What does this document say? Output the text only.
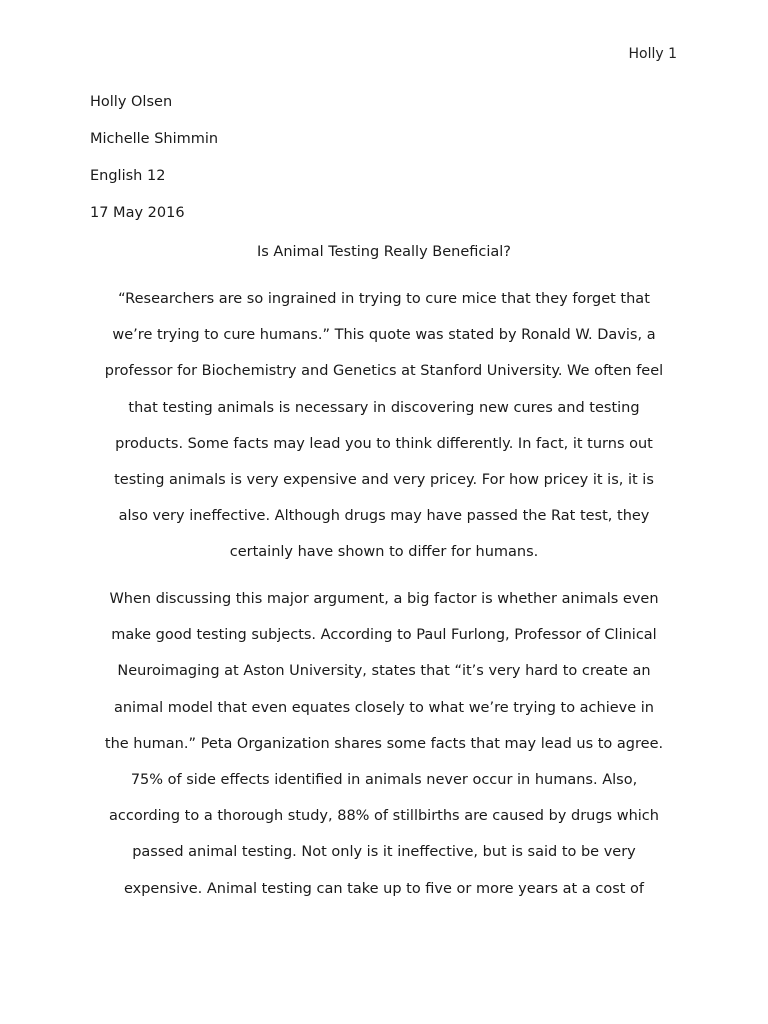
Holly 1
Holly Olsen
Michelle Shimmin
English 12
17 May 2016
Is Animal Testing Really Beneficial?
“Researchers are so ingrained in trying to cure mice that they forget that
we’re trying to cure humans.” This quote was stated by Ronald W. Davis, a
professor for Biochemistry and Genetics at Stanford University. We often feel
that testing animals is necessary in discovering new cures and testing
products. Some facts may lead you to think differently. In fact, it turns out
testing animals is very expensive and very pricey. For how pricey it is, it is
also very ineffective. Although drugs may have passed the Rat test, they
certainly have shown to differ for humans.
When discussing this major argument, a big factor is whether animals even
make good testing subjects. According to Paul Furlong, Professor of Clinical
Neuroimaging at Aston University, states that “it’s very hard to create an
animal model that even equates closely to what we’re trying to achieve in
the human.” Peta Organization shares some facts that may lead us to agree.
75% of side effects identified in animals never occur in humans. Also,
according to a thorough study, 88% of stillbirths are caused by drugs which
passed animal testing. Not only is it ineffective, but is said to be very
expensive. Animal testing can take up to five or more years at a cost of
